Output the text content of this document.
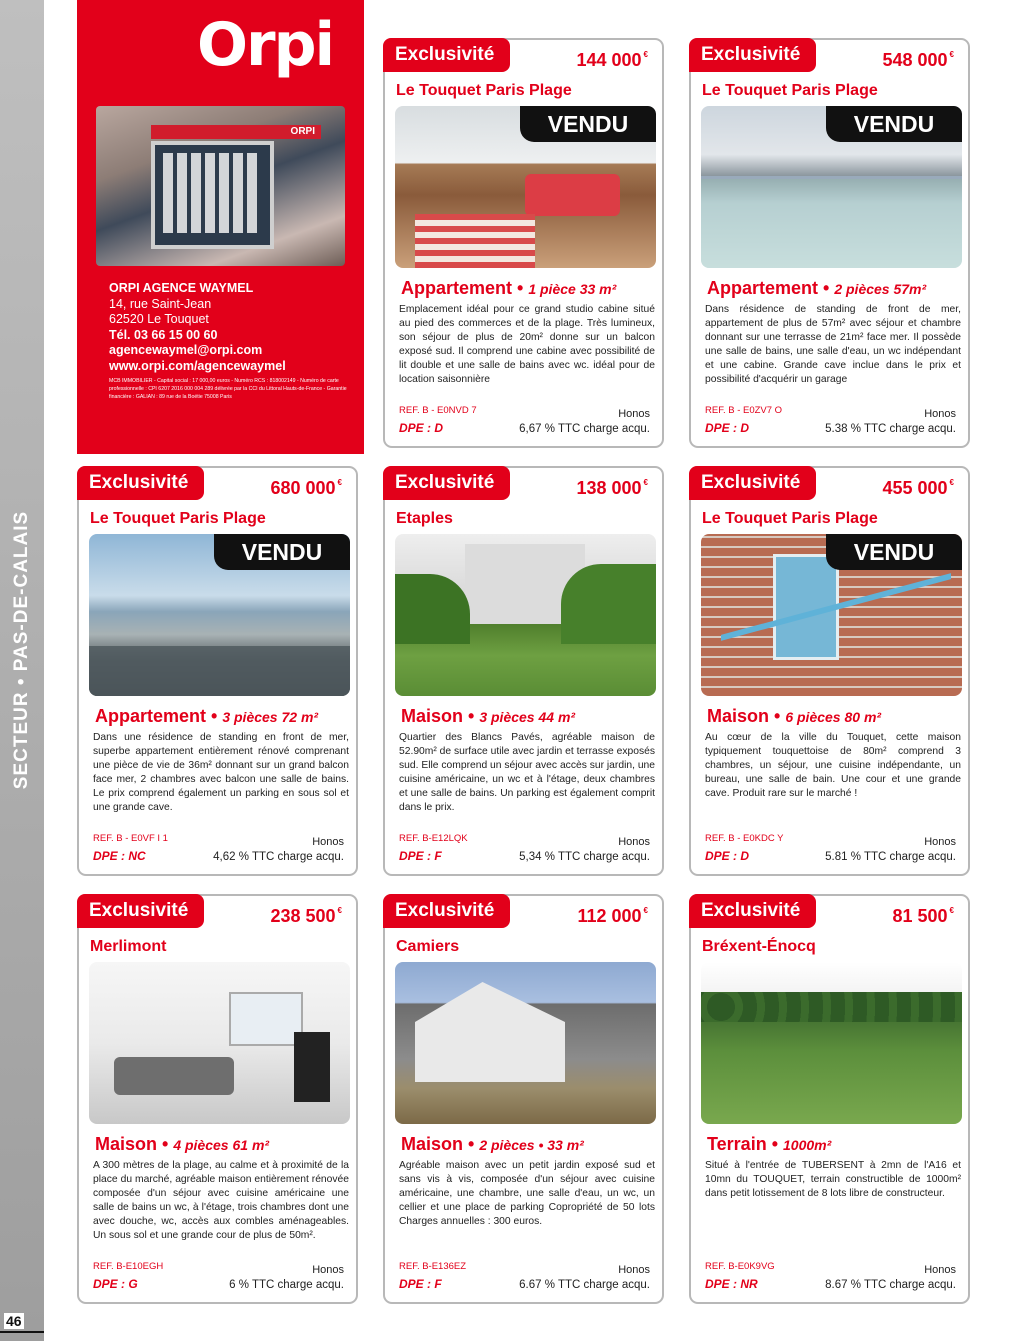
SECTEUR • PAS-DE-CALAIS
46
Orpi
ORPI
ORPI AGENCE WAYMEL
14, rue Saint-Jean
62520 Le Touquet
Tél. 03 66 15 00 60
agencewaymel@orpi.com
www.orpi.com/agencewaymel
MCB IMMOBILIER - Capital social : 17 000,00 euros - Numéro RCS : 818002149 - Numéro de carte professionnelle : CPI 6207 2016 000 004 289 délivrée par la CCI du Littoral Hauts-de-France - Garantie financière : GALIAN : 89 rue de la Boétie 75008 Paris
Exclusivité	144 000 €
Le Touquet Paris Plage
VENDU
Appartement • 1 pièce 33 m²
Emplacement idéal pour ce grand studio cabine situé au pied des commerces et de la plage. Très lumineux, son séjour de plus de 20m² donne sur un balcon exposé sud. Il comprend une cabine avec possibilité de lit double et une salle de bains avec wc. idéal pour de location saisonnière
REF. B - E0NVD 7
DPE : D
Honos
6,67 % TTC charge acqu.
Exclusivité	548 000 €
Le Touquet Paris Plage
VENDU
Appartement • 2 pièces 57m²
Dans résidence de standing de front de mer, appartement de plus de 57m² avec séjour et chambre donnant sur une terrasse de 21m² face mer. Il possède une salle de bains, une salle d'eau, un wc indépendant et une cabine. Grande cave inclue dans le prix et possibilité d'acquérir un garage
REF. B - E0ZV7 O
DPE : D
Honos
5.38 % TTC charge acqu.
Exclusivité	680 000 €
Le Touquet Paris Plage
VENDU
Appartement • 3 pièces 72 m²
Dans une résidence de standing en front de mer, superbe appartement entièrement rénové comprenant une pièce de vie de 36m² donnant sur un grand balcon face mer, 2 chambres avec balcon une salle de bains. Le prix comprend également un parking en sous sol et une grande cave.
REF. B - E0VF I 1
DPE : NC
Honos
4,62 % TTC charge acqu.
Exclusivité	138 000 €
Etaples
Maison • 3 pièces 44 m²
Quartier des Blancs Pavés, agréable maison de 52.90m² de surface utile avec jardin et terrasse exposés sud. Elle comprend un séjour avec accès sur jardin, une cuisine américaine, un wc et à l'étage, deux chambres et une salle de bains. Un parking est également comprit dans le prix.
REF. B-E12LQK
DPE : F
Honos
5,34 % TTC charge acqu.
Exclusivité	455 000 €
Le Touquet Paris Plage
VENDU
Maison • 6 pièces 80 m²
Au cœur de la ville du Touquet, cette maison typiquement touquettoise de 80m² comprend 3 chambres, un séjour, une cuisine indépendante, un bureau, une salle de bain. Une cour et une grande cave. Produit rare sur le marché !
REF. B - E0KDC Y
DPE : D
Honos
5.81 % TTC charge acqu.
Exclusivité	238 500 €
Merlimont
Maison • 4 pièces 61 m²
A 300 mètres de la plage, au calme et à proximité de la place du marché, agréable maison entièrement rénovée composée d'un séjour avec cuisine américaine une salle de bains un wc, à l'étage, trois chambres dont une avec douche, wc, accès aux combles aménageables. Un sous sol et une grande cour de plus de 50m².
REF. B-E10EGH
DPE : G
Honos
6 % TTC charge acqu.
Exclusivité	112 000 €
Camiers
Maison • 2 pièces • 33 m²
Agréable maison avec un petit jardin exposé sud et sans vis à vis, composée d'un séjour avec cuisine américaine, une chambre, une salle d'eau, un wc, un cellier et une place de parking Copropriété de 50 lots Charges annuelles : 300 euros.
REF. B-E136EZ
DPE : F
Honos
6.67 % TTC charge acqu.
Exclusivité	81 500 €
Bréxent-Énocq
Terrain • 1000m²
Situé à l'entrée de TUBERSENT à 2mn de l'A16 et 10mn du TOUQUET, terrain constructible de 1000m² dans petit lotissement de 8 lots libre de constructeur.
REF. B-E0K9VG
DPE : NR
Honos
8.67 % TTC charge acqu.
